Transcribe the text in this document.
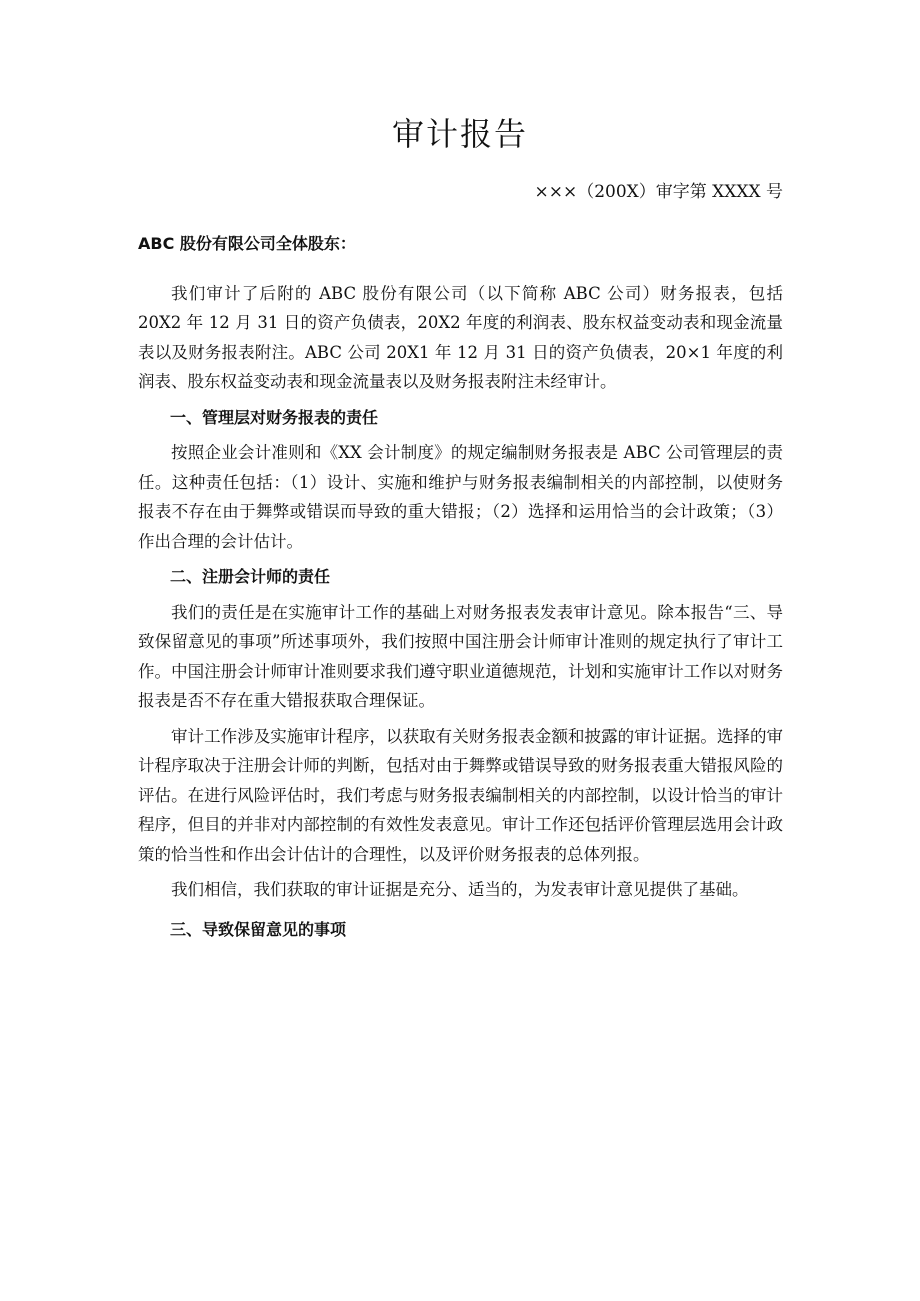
审计报告

×××（200X）审字第 XXXX 号

ABC 股份有限公司全体股东：

我们审计了后附的 ABC 股份有限公司（以下简称 ABC 公司）财务报表，包括 20X2 年 12 月 31 日的资产负债表，20X2 年度的利润表、股东权益变动表和现金流量表以及财务报表附注。ABC 公司 20X1 年 12 月 31 日的资产负债表，20×1 年度的利润表、股东权益变动表和现金流量表以及财务报表附注未经审计。

一、管理层对财务报表的责任

按照企业会计准则和《XX 会计制度》的规定编制财务报表是 ABC 公司管理层的责任。这种责任包括：（1）设计、实施和维护与财务报表编制相关的内部控制，以使财务报表不存在由于舞弊或错误而导致的重大错报；（2）选择和运用恰当的会计政策；（3）作出合理的会计估计。

二、注册会计师的责任

我们的责任是在实施审计工作的基础上对财务报表发表审计意见。除本报告“三、导致保留意见的事项”所述事项外，我们按照中国注册会计师审计准则的规定执行了审计工作。中国注册会计师审计准则要求我们遵守职业道德规范，计划和实施审计工作以对财务报表是否不存在重大错报获取合理保证。

审计工作涉及实施审计程序，以获取有关财务报表金额和披露的审计证据。选择的审计程序取决于注册会计师的判断，包括对由于舞弊或错误导致的财务报表重大错报风险的评估。在进行风险评估时，我们考虑与财务报表编制相关的内部控制，以设计恰当的审计程序，但目的并非对内部控制的有效性发表意见。审计工作还包括评价管理层选用会计政策的恰当性和作出会计估计的合理性，以及评价财务报表的总体列报。

我们相信，我们获取的审计证据是充分、适当的，为发表审计意见提供了基础。

三、导致保留意见的事项
